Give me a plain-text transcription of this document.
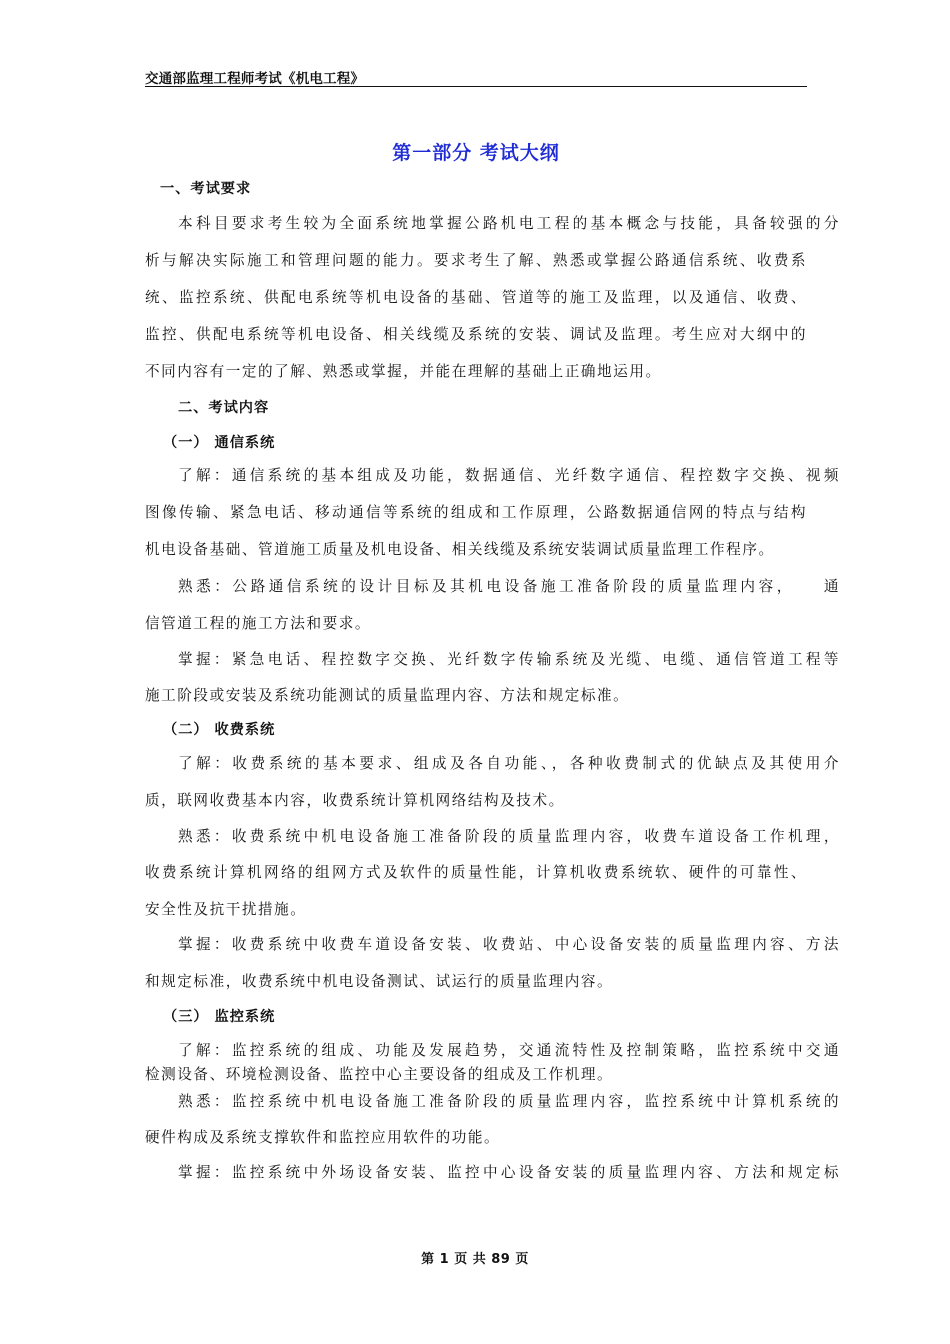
交通部监理工程师考试《机电工程》
第一部分 考试大纲
一、考试要求
本科目要求考生较为全面系统地掌握公路机电工程的基本概念与技能，具备较强的分
析与解决实际施工和管理问题的能力。要求考生了解、熟悉或掌握公路通信系统、收费系
统、监控系统、供配电系统等机电设备的基础、管道等的施工及监理，以及通信、收费、
监控、供配电系统等机电设备、相关线缆及系统的安装、调试及监理。考生应对大纲中的
不同内容有一定的了解、熟悉或掌握，并能在理解的基础上正确地运用。
二、考试内容
（一） 通信系统
了解：通信系统的基本组成及功能，数据通信、光纤数字通信、程控数字交换、视频
图像传输、紧急电话、移动通信等系统的组成和工作原理，公路数据通信网的特点与结构
机电设备基础、管道施工质量及机电设备、相关线缆及系统安装调试质量监理工作程序。
熟悉：公路通信系统的设计目标及其机电设备施工准备阶段的质量监理内容，　　通
信管道工程的施工方法和要求。
掌握：紧急电话、程控数字交换、光纤数字传输系统及光缆、电缆、通信管道工程等
施工阶段或安装及系统功能测试的质量监理内容、方法和规定标准。
（二） 收费系统
了解：收费系统的基本要求、组成及各自功能、，各种收费制式的优缺点及其使用介
质，联网收费基本内容，收费系统计算机网络结构及技术。
熟悉：收费系统中机电设备施工准备阶段的质量监理内容，收费车道设备工作机理，
收费系统计算机网络的组网方式及软件的质量性能，计算机收费系统软、硬件的可靠性、
安全性及抗干扰措施。
掌握：收费系统中收费车道设备安装、收费站、中心设备安装的质量监理内容、方法
和规定标准，收费系统中机电设备测试、试运行的质量监理内容。
（三） 监控系统
了解：监控系统的组成、功能及发展趋势，交通流特性及控制策略，监控系统中交通
检测设备、环境检测设备、监控中心主要设备的组成及工作机理。
熟悉：监控系统中机电设备施工准备阶段的质量监理内容，监控系统中计算机系统的
硬件构成及系统支撑软件和监控应用软件的功能。
掌握：监控系统中外场设备安装、监控中心设备安装的质量监理内容、方法和规定标
第 1 页 共 89 页
